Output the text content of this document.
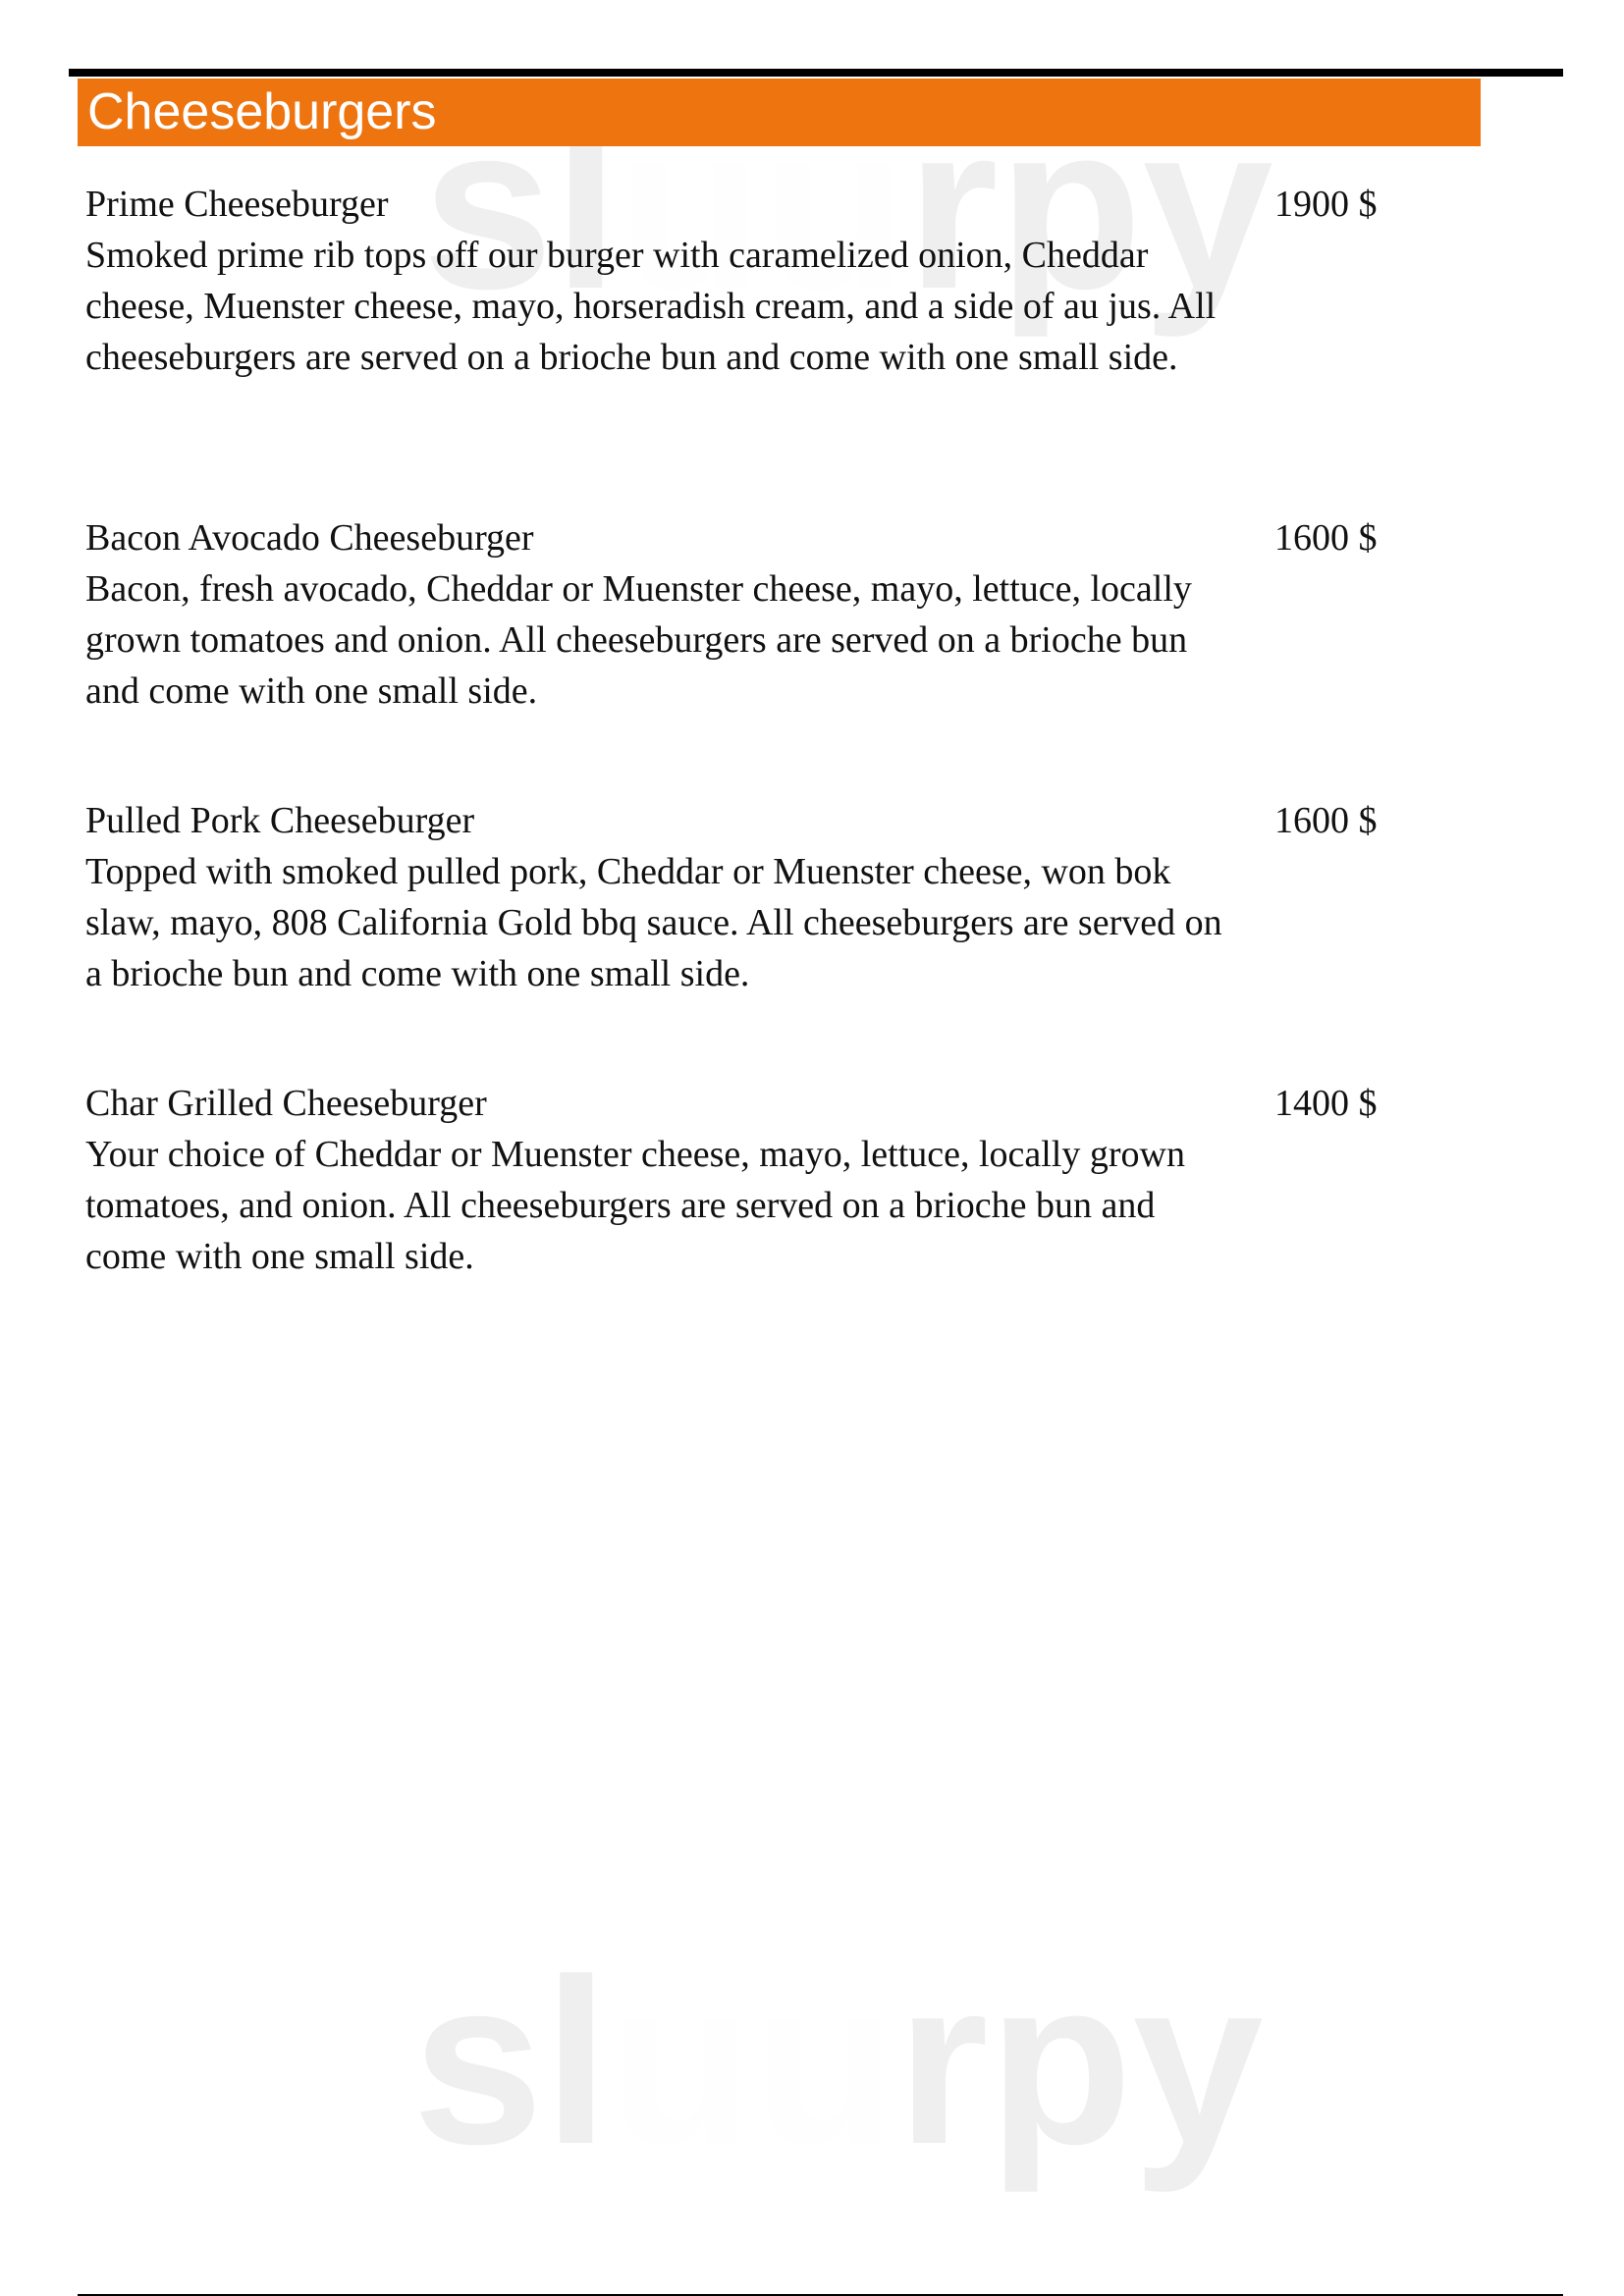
sl rpy
sl rpy
Cheeseburgers
Prime Cheeseburger
Smoked prime rib tops off our burger with caramelized onion, Cheddar cheese, Muenster cheese, mayo, horseradish cream, and a side of au jus. All cheeseburgers are served on a brioche bun and come with one small side.
1900 $
Bacon Avocado Cheeseburger
Bacon, fresh avocado, Cheddar or Muenster cheese, mayo, lettuce, locally grown tomatoes and onion. All cheeseburgers are served on a brioche bun and come with one small side.
1600 $
Pulled Pork Cheeseburger
Topped with smoked pulled pork, Cheddar or Muenster cheese, won bok slaw, mayo, 808 California Gold bbq sauce. All cheeseburgers are served on a brioche bun and come with one small side.
1600 $
Char Grilled Cheeseburger
Your choice of Cheddar or Muenster cheese, mayo, lettuce, locally grown tomatoes, and onion. All cheeseburgers are served on a brioche bun and come with one small side.
1400 $
